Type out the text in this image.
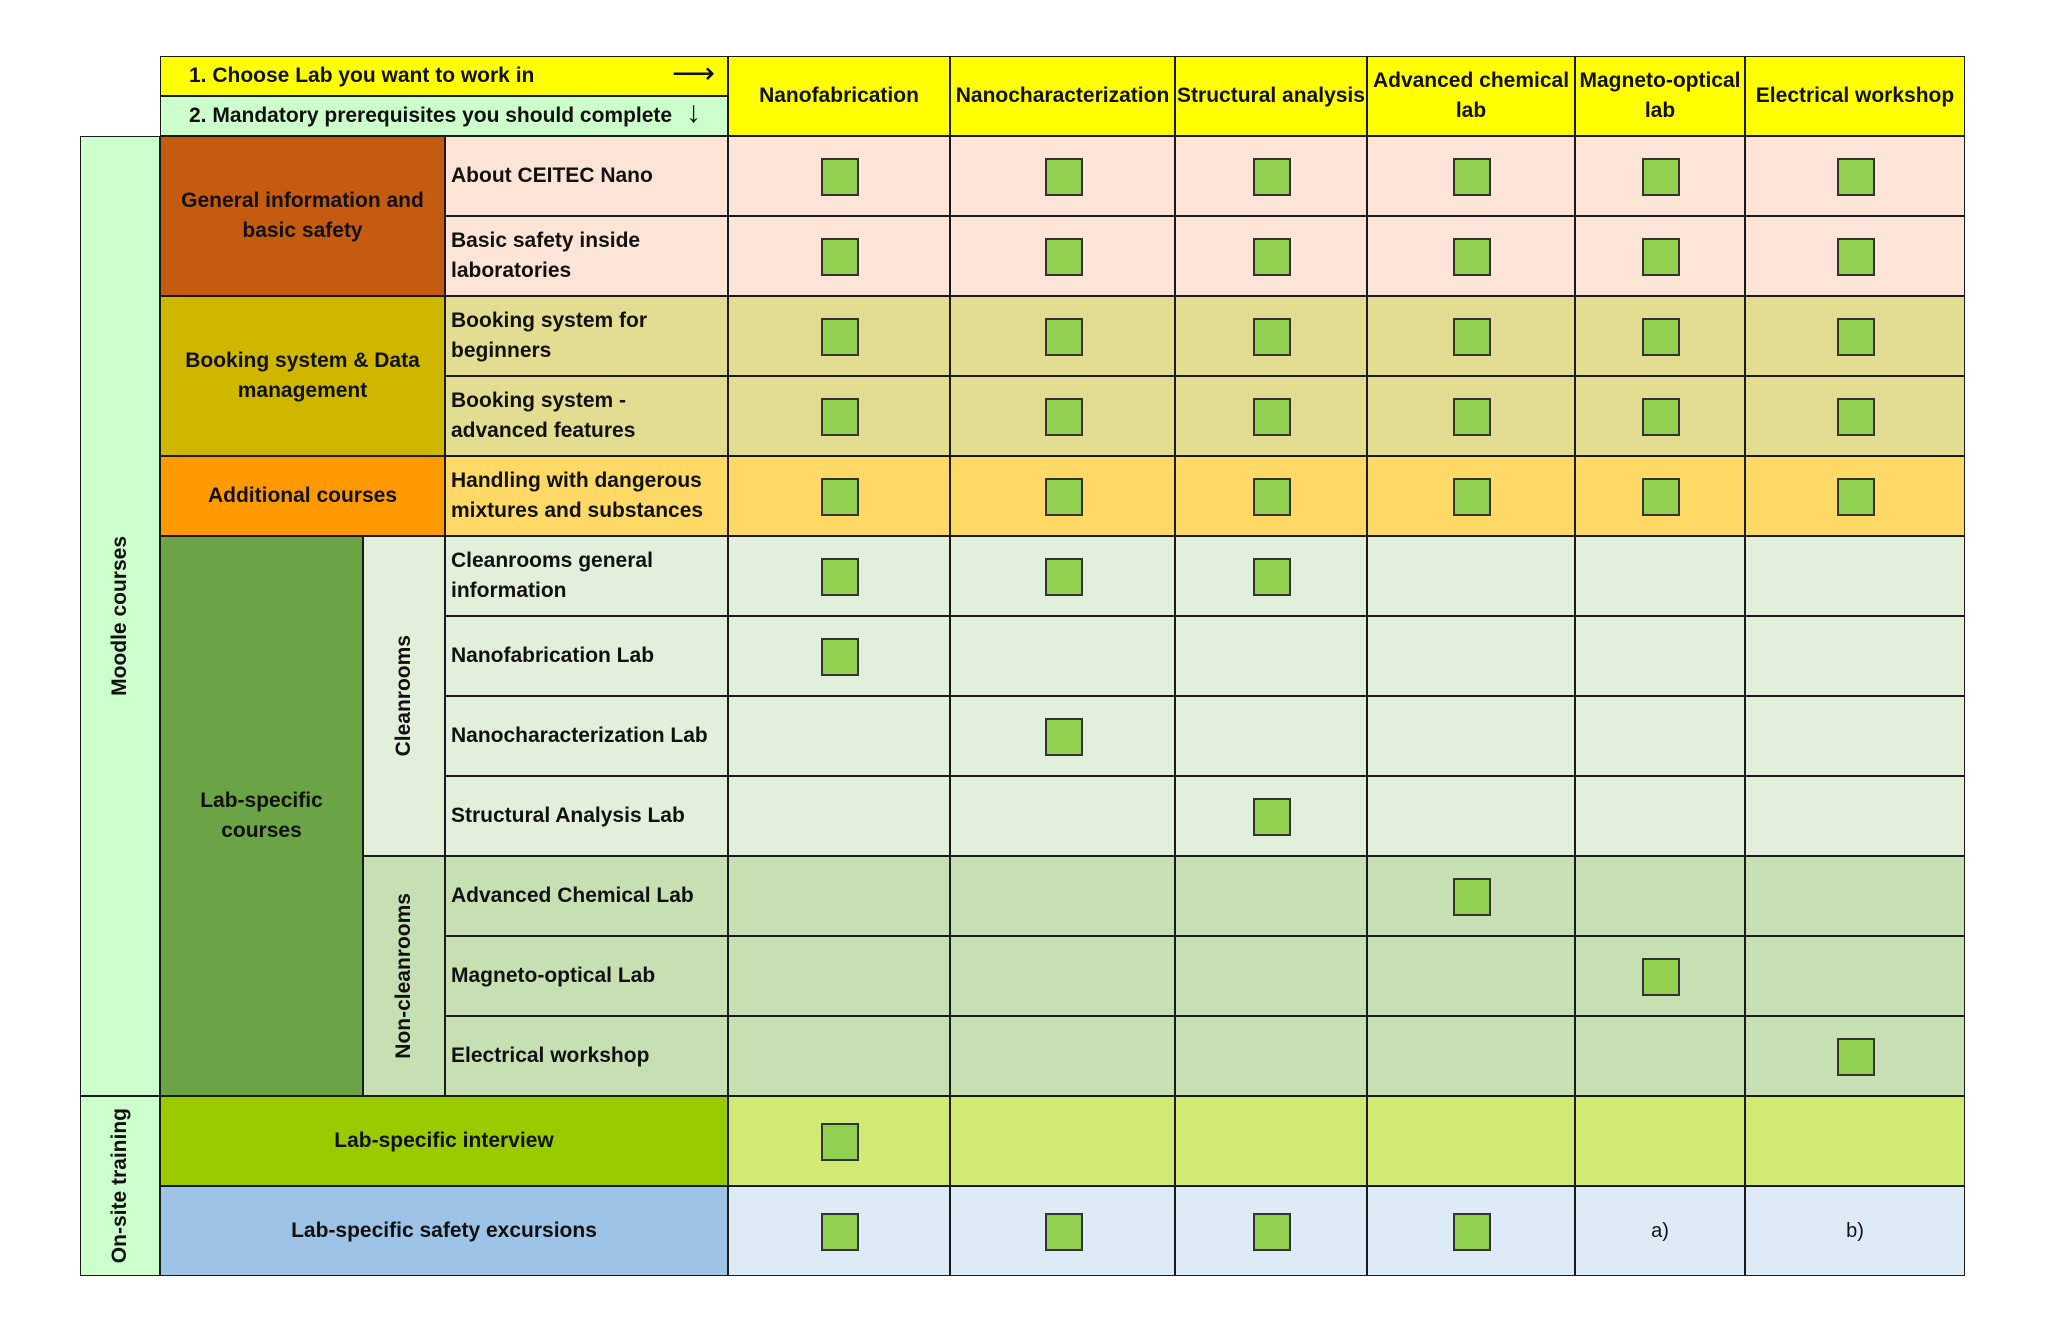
1. Choose Lab you want to work in
2. Mandatory prerequisites you should complete
⟶
↓
Nanofabrication Nanocharacterization Structural analysis
Advanced chemical lab
Magneto-optical lab
Electrical workshop
Moodle courses
On-site training
General information and basic safety
Booking system & Data management
Additional courses
Lab-specific courses
Cleanrooms
Non-cleanrooms
Lab-specific interview
Lab-specific safety excursions
About CEITEC Nano
Basic safety inside laboratories
Booking system for beginners
Booking system - advanced features
Handling with dangerous mixtures and substances
Cleanrooms general information
Nanofabrication Lab
Nanocharacterization Lab
Structural Analysis Lab
Advanced Chemical Lab
Magneto-optical Lab
Electrical workshop
a)	b)
